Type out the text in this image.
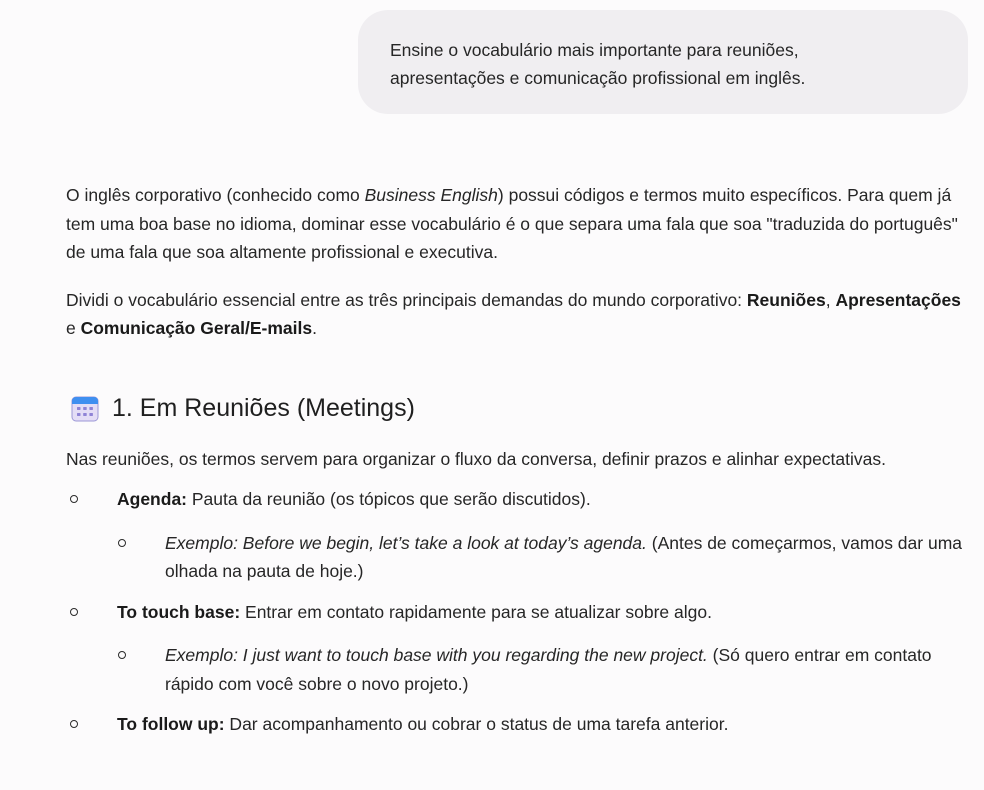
Ensine o vocabulário mais importante para reuniões,

apresentações e comunicação profissional em inglês.

O inglês corporativo (conhecido como Business English) possui códigos e termos muito específicos. Para quem já tem uma boa base no idioma, dominar esse vocabulário é o que separa uma fala que soa "traduzida do português" de uma fala que soa altamente profissional e executiva.

Dividi o vocabulário essencial entre as três principais demandas do mundo corporativo: Reuniões, Apresentações e Comunicação Geral/E-mails.

1. Em Reuniões (Meetings)

Nas reuniões, os termos servem para organizar o fluxo da conversa, definir prazos e alinhar expectativas.

Agenda: Pauta da reunião (os tópicos que serão discutidos).
Exemplo: Before we begin, let’s take a look at today’s agenda. (Antes de começarmos, vamos dar uma olhada na pauta de hoje.)
To touch base: Entrar em contato rapidamente para se atualizar sobre algo.
Exemplo: I just want to touch base with you regarding the new project. (Só quero entrar em contato rápido com você sobre o novo projeto.)
To follow up: Dar acompanhamento ou cobrar o status de uma tarefa anterior.
